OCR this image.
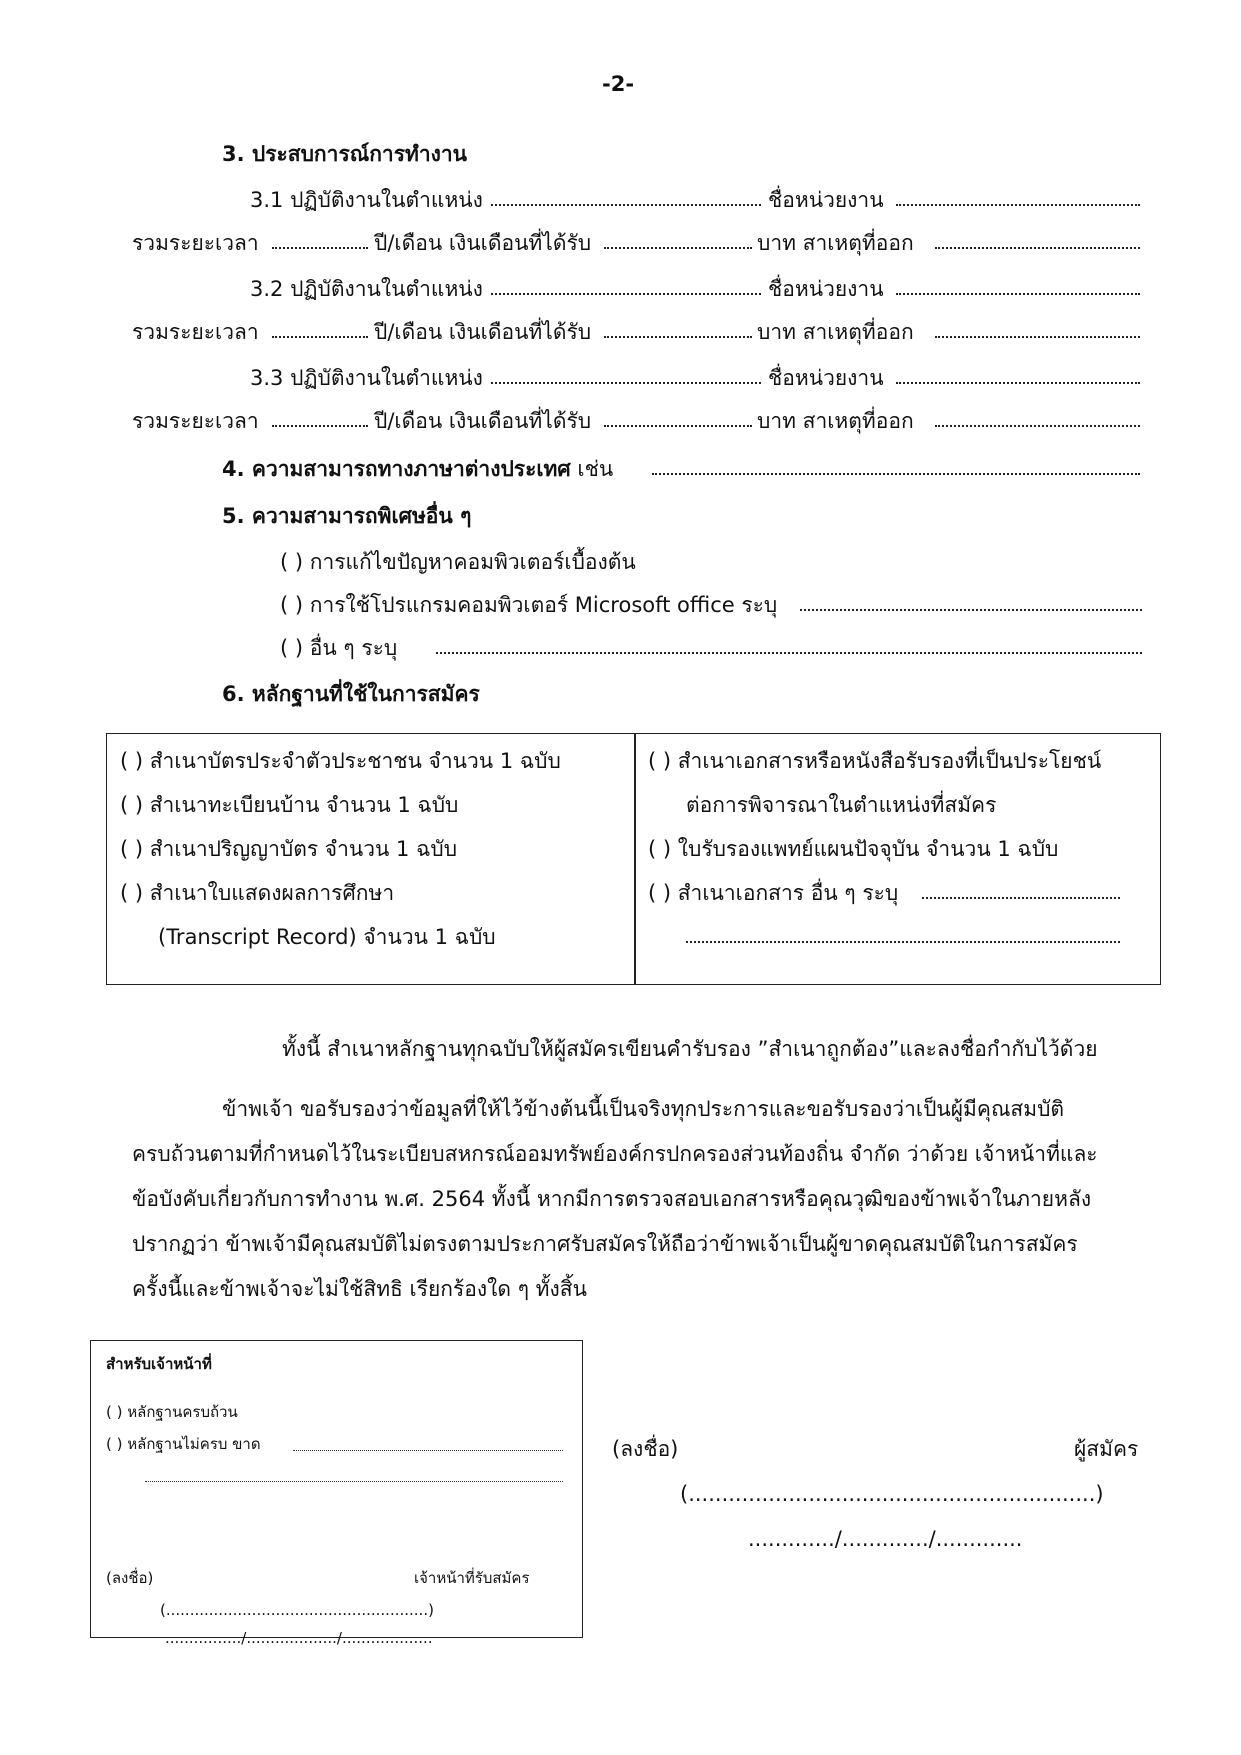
-2-
3. ประสบการณ์การทำงาน
3.1 ปฏิบัติงานในตำแหน่ง	ชื่อหน่วยงาน
รวมระยะเวลา	ปี/เดือน เงินเดือนที่ได้รับ	บาท สาเหตุที่ออก
3.2 ปฏิบัติงานในตำแหน่ง	ชื่อหน่วยงาน
รวมระยะเวลา	ปี/เดือน เงินเดือนที่ได้รับ	บาท สาเหตุที่ออก
3.3 ปฏิบัติงานในตำแหน่ง	ชื่อหน่วยงาน
รวมระยะเวลา	ปี/เดือน เงินเดือนที่ได้รับ	บาท สาเหตุที่ออก
4. ความสามารถทางภาษาต่างประเทศ เช่น
5. ความสามารถพิเศษอื่น ๆ
( ) การแก้ไขปัญหาคอมพิวเตอร์เบื้องต้น
( ) การใช้โปรแกรมคอมพิวเตอร์ Microsoft office ระบุ
( ) อื่น ๆ ระบุ
6. หลักฐานที่ใช้ในการสมัคร
( ) สำเนาบัตรประจำตัวประชาชน จำนวน 1 ฉบับ
( ) สำเนาทะเบียนบ้าน จำนวน 1 ฉบับ
( ) สำเนาปริญญาบัตร จำนวน 1 ฉบับ
( ) สำเนาใบแสดงผลการศึกษา
(Transcript Record) จำนวน 1 ฉบับ
( ) สำเนาเอกสารหรือหนังสือรับรองที่เป็นประโยชน์
ต่อการพิจารณาในตำแหน่งที่สมัคร
( ) ใบรับรองแพทย์แผนปัจจุบัน จำนวน 1 ฉบับ
( ) สำเนาเอกสาร อื่น ๆ ระบุ
ทั้งนี้ สำเนาหลักฐานทุกฉบับให้ผู้สมัครเขียนคำรับรอง ”สำเนาถูกต้อง”และลงชื่อกำกับไว้ด้วย
ข้าพเจ้า ขอรับรองว่าข้อมูลที่ให้ไว้ข้างต้นนี้เป็นจริงทุกประการและขอรับรองว่าเป็นผู้มีคุณสมบัติ
ครบถ้วนตามที่กำหนดไว้ในระเบียบสหกรณ์ออมทรัพย์องค์กรปกครองส่วนท้องถิ่น จำกัด ว่าด้วย เจ้าหน้าที่และ
ข้อบังคับเกี่ยวกับการทำงาน พ.ศ. 2564 ทั้งนี้ หากมีการตรวจสอบเอกสารหรือคุณวุฒิของข้าพเจ้าในภายหลัง
ปรากฏว่า ข้าพเจ้ามีคุณสมบัติไม่ตรงตามประกาศรับสมัครให้ถือว่าข้าพเจ้าเป็นผู้ขาดคุณสมบัติในการสมัคร
ครั้งนี้และข้าพเจ้าจะไม่ใช้สิทธิ เรียกร้องใด ๆ ทั้งสิ้น
สำหรับเจ้าหน้าที่
( ) หลักฐานครบถ้วน
( ) หลักฐานไม่ครบ ขาด
(ลงชื่อ)	เจ้าหน้าที่รับสมัคร
(.......................................................)
................/.................../...................
(ลงชื่อ)	ผู้สมัคร
(.............................................................)
............./............./.............
